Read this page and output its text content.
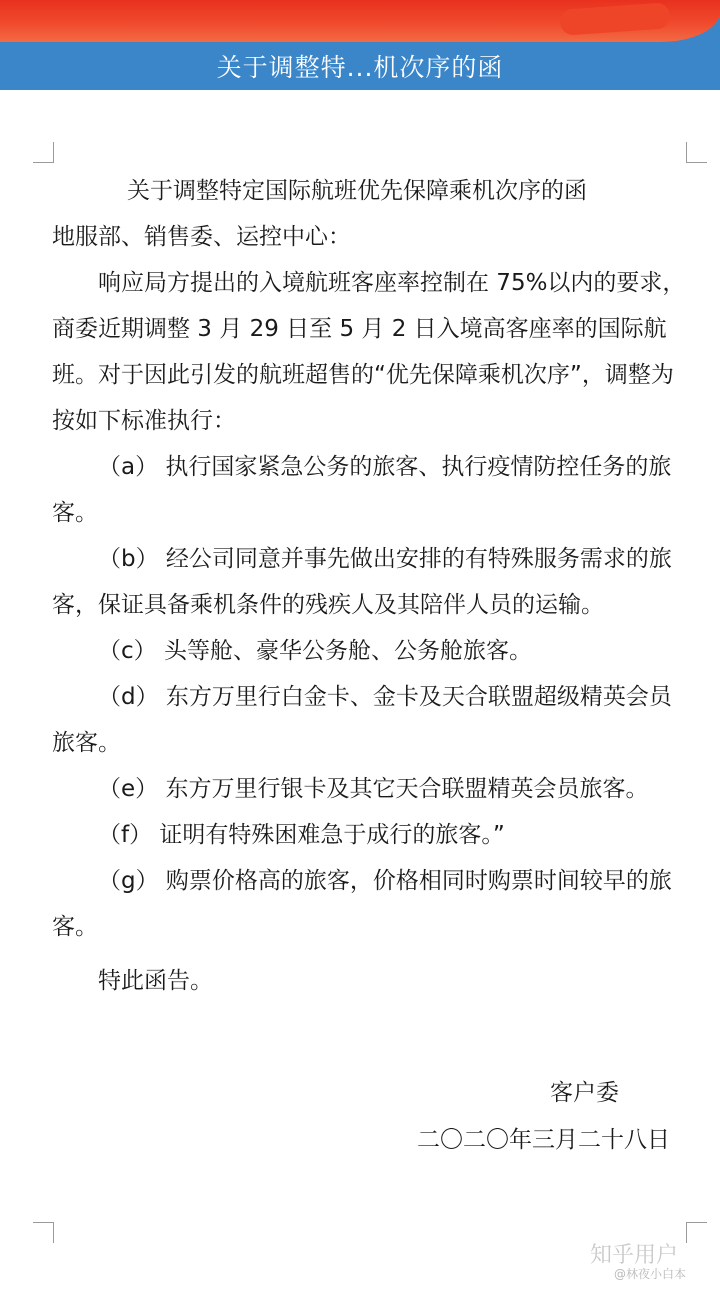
关于调整特...机次序的函

关于调整特定国际航班优先保障乘机次序的函

地服部、销售委、运控中心：

响应局方提出的入境航班客座率控制在 75%以内的要求，商委近期调整 3 月 29 日至 5 月 2 日入境高客座率的国际航班。对于因此引发的航班超售的“优先保障乘机次序”，调整为按如下标准执行：

（a） 执行国家紧急公务的旅客、执行疫情防控任务的旅客。

（b） 经公司同意并事先做出安排的有特殊服务需求的旅客，保证具备乘机条件的残疾人及其陪伴人员的运输。

（c） 头等舱、豪华公务舱、公务舱旅客。

（d） 东方万里行白金卡、金卡及天合联盟超级精英会员旅客。

（e） 东方万里行银卡及其它天合联盟精英会员旅客。

（f） 证明有特殊困难急于成行的旅客。”

（g） 购票价格高的旅客，价格相同时购票时间较早的旅客。

特此函告。

客户委
二〇二〇年三月二十八日
知乎用户
@林夜小白本
